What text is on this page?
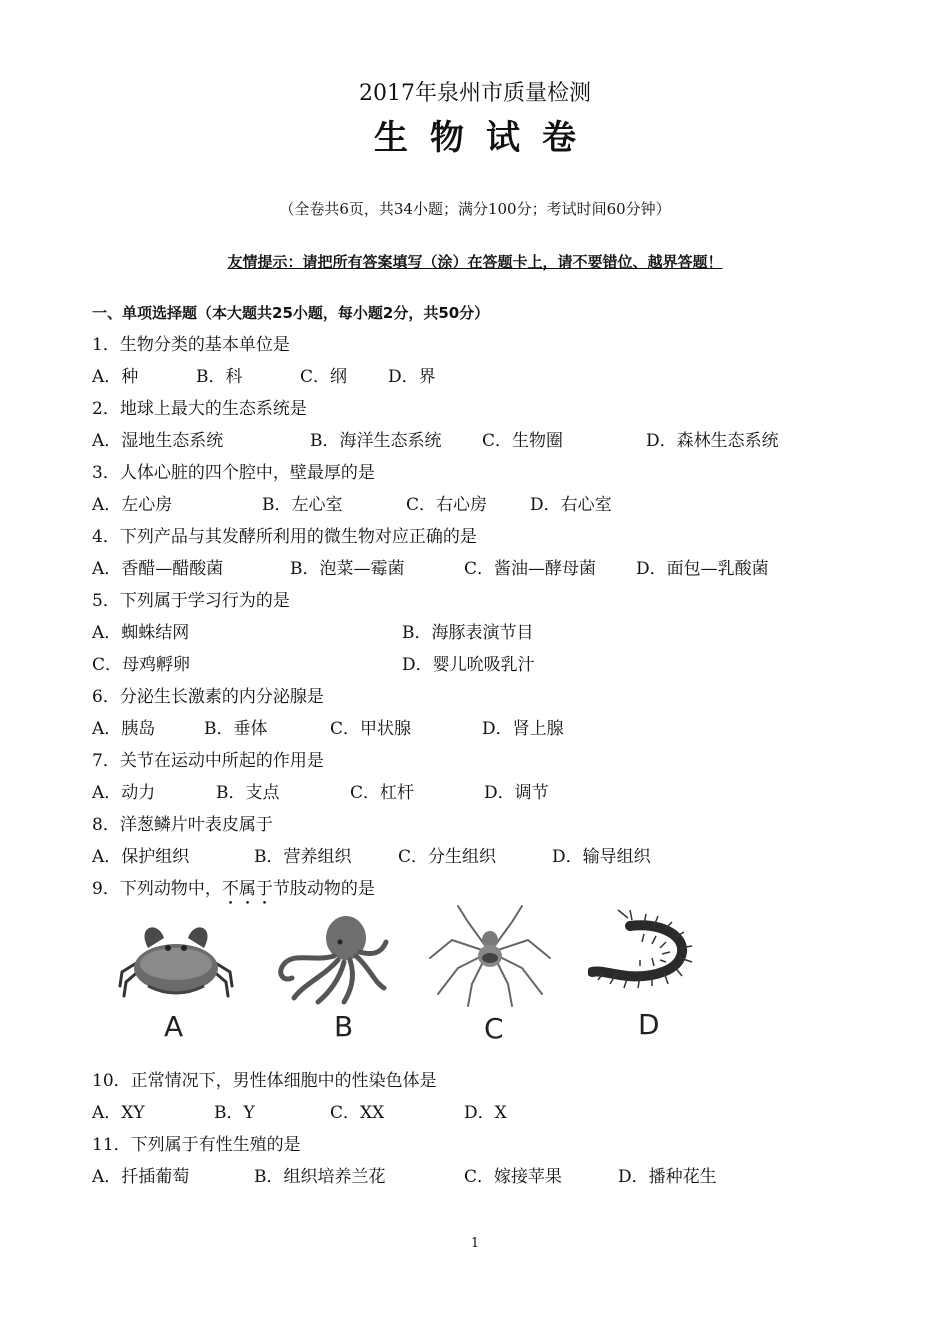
2017年泉州市质量检测
生物试卷
（全卷共6页，共34小题；满分100分；考试时间60分钟）
友情提示：请把所有答案填写（涂）在答题卡上，请不要错位、越界答题！
一、单项选择题（本大题共25小题，每小题2分，共50分）
1．生物分类的基本单位是
A．种	B．科	C．纲 D．界
2．地球上最大的生态系统是
A．湿地生态系统	B．海洋生态系统 C．生物圈	D．森林生态系统
3．人体心脏的四个腔中，壁最厚的是
A．左心房	B．左心室	C．右心房	D．右心室
4．下列产品与其发酵所利用的微生物对应正确的是
A．香醋—醋酸菌	B．泡菜—霉菌	C．酱油—酵母菌 D．面包—乳酸菌
5．下列属于学习行为的是
A．蜘蛛结网	B．海豚表演节目
C．母鸡孵卵	D．婴儿吮吸乳汁
6．分泌生长激素的内分泌腺是
A．胰岛	B．垂体	C．甲状腺	D．肾上腺
7．关节在运动中所起的作用是
A．动力	B．支点	C．杠杆	D．调节
8．洋葱鳞片叶表皮属于
A．保护组织	B．营养组织	C．分生组织	D．输导组织
9．下列动物中，不属于节肢动物的是
A	B	C	D
10．正常情况下，男性体细胞中的性染色体是
A．XY	B．Y	C．XX	D．X
11．下列属于有性生殖的是
A．扦插葡萄	B．组织培养兰花	C．嫁接苹果	D．播种花生
1
